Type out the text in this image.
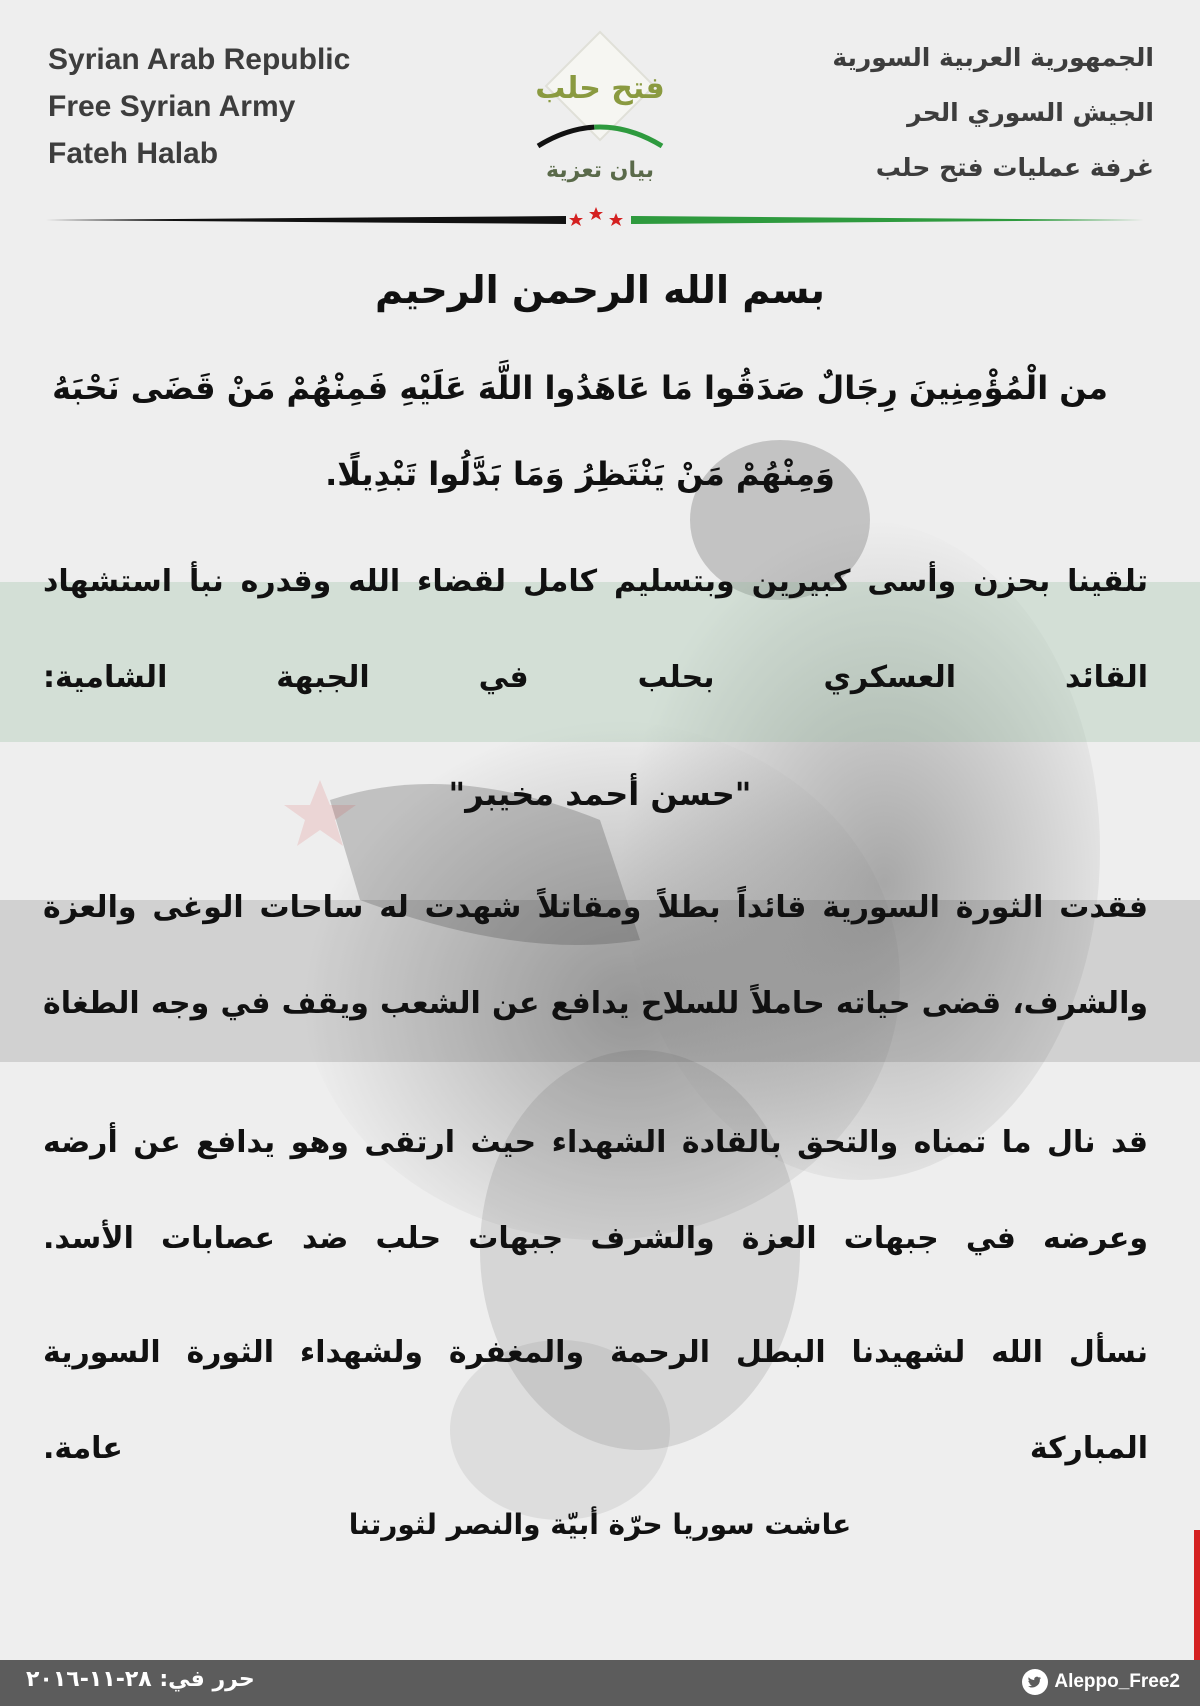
Syrian Arab Republic
Free Syrian Army
Fateh Halab
الجمهورية العربية السورية
الجيش السوري الحر
غرفة عمليات فتح حلب
فتح حلب
بيان تعزية
بسم الله الرحمن الرحيم
من الْمُؤْمِنِينَ رِجَالٌ صَدَقُوا مَا عَاهَدُوا اللَّهَ عَلَيْهِ فَمِنْهُمْ مَنْ قَضَى نَحْبَهُ وَمِنْهُمْ مَنْ يَنْتَظِرُ وَمَا بَدَّلُوا تَبْدِيلًا.
تلقينا بحزن وأسى كبيرين وبتسليم كامل لقضاء الله وقدره نبأ استشهاد القائد العسكري بحلب في الجبهة الشامية:
"حسن أحمد مخيبر"
فقدت الثورة السورية قائداً بطلاً ومقاتلاً شهدت له ساحات الوغى والعزة والشرف، قضى حياته حاملاً للسلاح يدافع عن الشعب ويقف في وجه الطغاة
قد نال ما تمناه والتحق بالقادة الشهداء حيث ارتقى وهو يدافع عن أرضه وعرضه في جبهات العزة والشرف جبهات حلب ضد عصابات الأسد.
نسأل الله لشهيدنا البطل الرحمة والمغفرة ولشهداء الثورة السورية المباركة عامة.
عاشت سوريا حرّة أبيّة والنصر لثورتنا
Aleppo_Free2
حرر في: ٢٨-١١-٢٠١٦
